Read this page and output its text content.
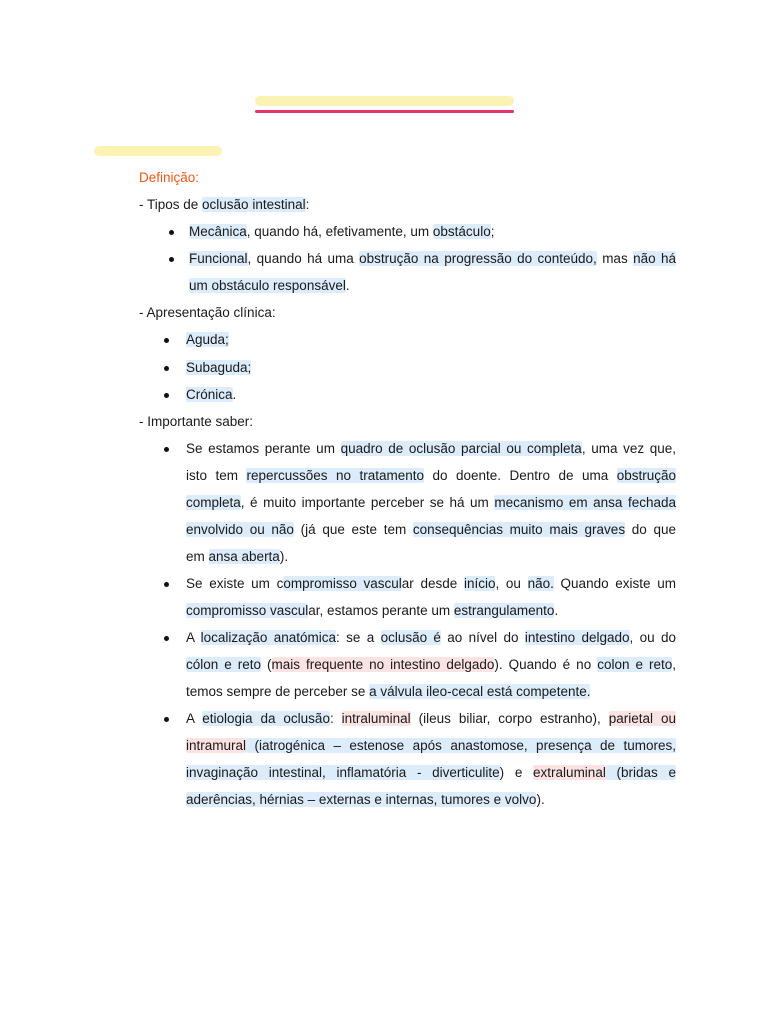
Definição:
- Tipos de oclusão intestinal:
Mecânica, quando há, efetivamente, um obstáculo;
Funcional, quando há uma obstrução na progressão do conteúdo, mas não há
um obstáculo responsável.
- Apresentação clínica:
Aguda;
Subaguda;
Crónica.
- Importante saber:
Se estamos perante um quadro de oclusão parcial ou completa, uma vez que,
isto tem repercussões no tratamento do doente. Dentro de uma obstrução
completa, é muito importante perceber se há um mecanismo em ansa fechada
envolvido ou não (já que este tem consequências muito mais graves do que
em ansa aberta).
Se existe um compromisso vascular desde início, ou não. Quando existe um
compromisso vascular, estamos perante um estrangulamento.
A localização anatómica: se a oclusão é ao nível do intestino delgado, ou do
cólon e reto (mais frequente no intestino delgado). Quando é no colon e reto,
temos sempre de perceber se a válvula ileo-cecal está competente.
A etiologia da oclusão: intraluminal (ileus biliar, corpo estranho), parietal ou
intramural (iatrogénica – estenose após anastomose, presença de tumores,
invaginação intestinal, inflamatória - diverticulite) e extraluminal (bridas e
aderências, hérnias – externas e internas, tumores e volvo).
